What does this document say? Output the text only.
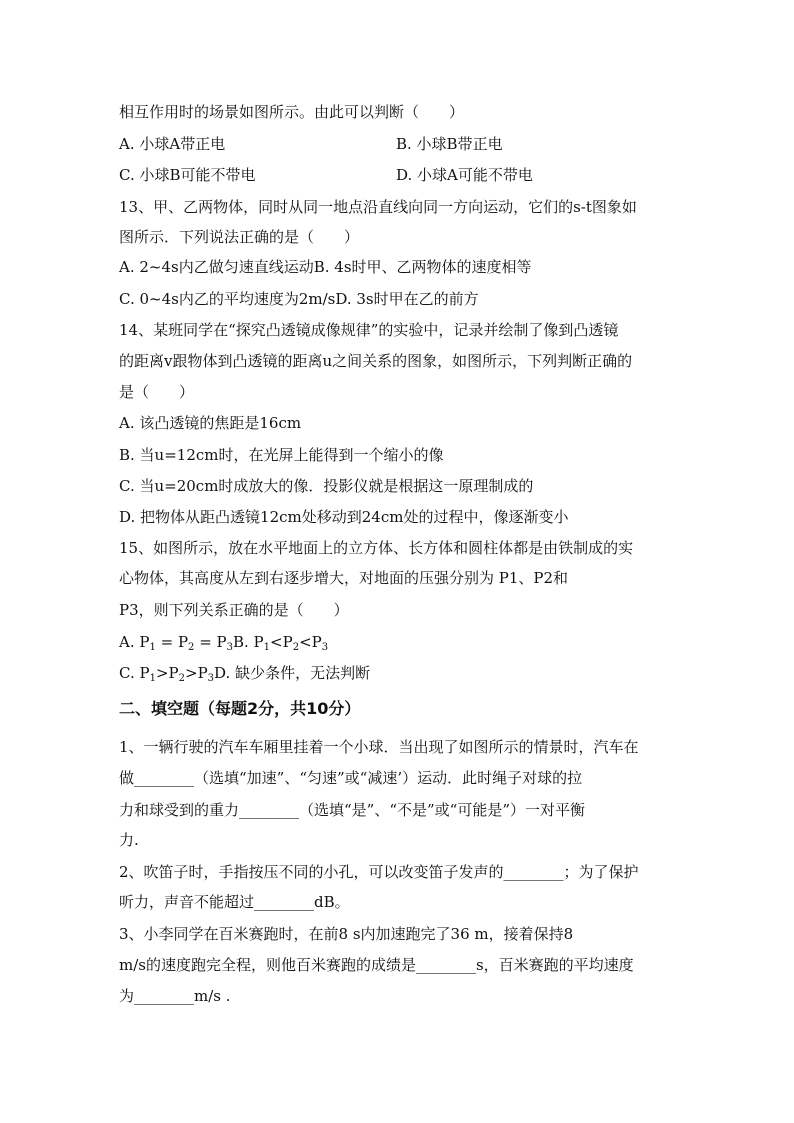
相互作用时的场景如图所示。由此可以判断（　　）
A. 小球A带正电	B. 小球B带正电
C. 小球B可能不带电	D. 小球A可能不带电
13、甲、乙两物体，同时从同一地点沿直线向同一方向运动，它们的s-t图象如
图所示．下列说法正确的是（　　）
A. 2~4s内乙做匀速直线运动B. 4s时甲、乙两物体的速度相等
C. 0~4s内乙的平均速度为2m/sD. 3s时甲在乙的前方
14、某班同学在“探究凸透镜成像规律”的实验中，记录并绘制了像到凸透镜
的距离v跟物体到凸透镜的距离u之间关系的图象，如图所示，下列判断正确的
是（　　）
A. 该凸透镜的焦距是16cm
B. 当u=12cm时，在光屏上能得到一个缩小的像
C. 当u=20cm时成放大的像．投影仪就是根据这一原理制成的
D. 把物体从距凸透镜12cm处移动到24cm处的过程中，像逐渐变小
15、如图所示，放在水平地面上的立方体、长方体和圆柱体都是由铁制成的实
心物体，其高度从左到右逐步增大，对地面的压强分别为 P1、P2和
P3，则下列关系正确的是（　　）
A. $P_1 = P_2 = P_3B$. $P_1<P_2<P_3$
C. $P_1>P_2>P_3D$. 缺少条件，无法判断
二、填空题（每题2分，共10分）
1、一辆行驶的汽车车厢里挂着一个小球．当出现了如图所示的情景时，汽车在
做________（选填“加速”、“匀速”或“减速’）运动．此时绳子对球的拉
力和球受到的重力________（选填“是”、“不是”或“可能是”）一对平衡
力.
2、吹笛子时，手指按压不同的小孔，可以改变笛子发声的________；为了保护
听力，声音不能超过________dB。
3、小李同学在百米赛跑时，在前8 s内加速跑完了36 m，接着保持8
m/s的速度跑完全程，则他百米赛跑的成绩是________s，百米赛跑的平均速度
为________m/s .
